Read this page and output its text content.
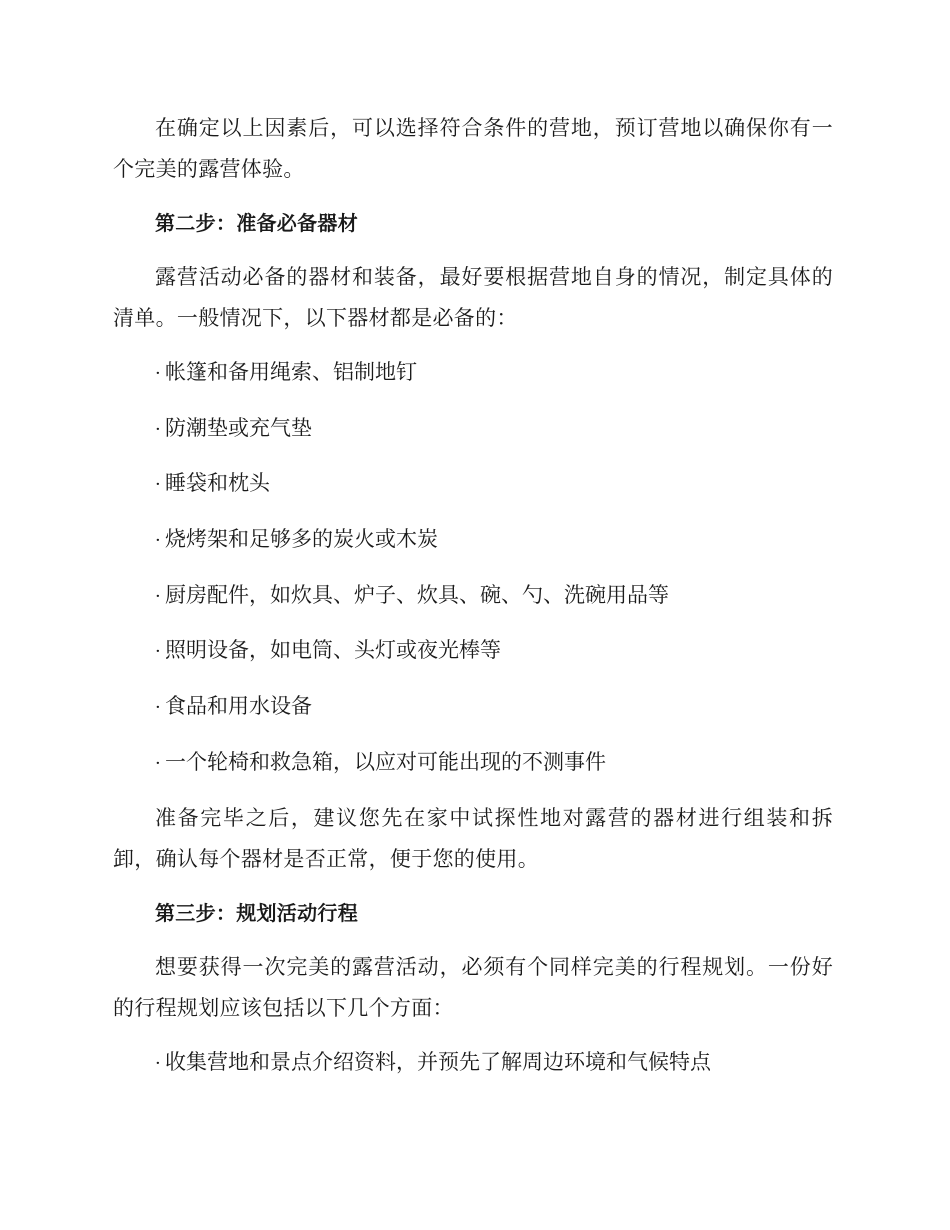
在确定以上因素后，可以选择符合条件的营地，预订营地以确保你有一个完美的露营体验。

第二步：准备必备器材

露营活动必备的器材和装备，最好要根据营地自身的情况，制定具体的清单。一般情况下，以下器材都是必备的：

· 帐篷和备用绳索、铝制地钉
· 防潮垫或充气垫
· 睡袋和枕头
· 烧烤架和足够多的炭火或木炭
· 厨房配件，如炊具、炉子、炊具、碗、勺、洗碗用品等
· 照明设备，如电筒、头灯或夜光棒等
· 食品和用水设备
· 一个轮椅和救急箱，以应对可能出现的不测事件

准备完毕之后，建议您先在家中试探性地对露营的器材进行组装和拆卸，确认每个器材是否正常，便于您的使用。

第三步：规划活动行程

想要获得一次完美的露营活动，必须有个同样完美的行程规划。一份好的行程规划应该包括以下几个方面：

· 收集营地和景点介绍资料，并预先了解周边环境和气候特点
